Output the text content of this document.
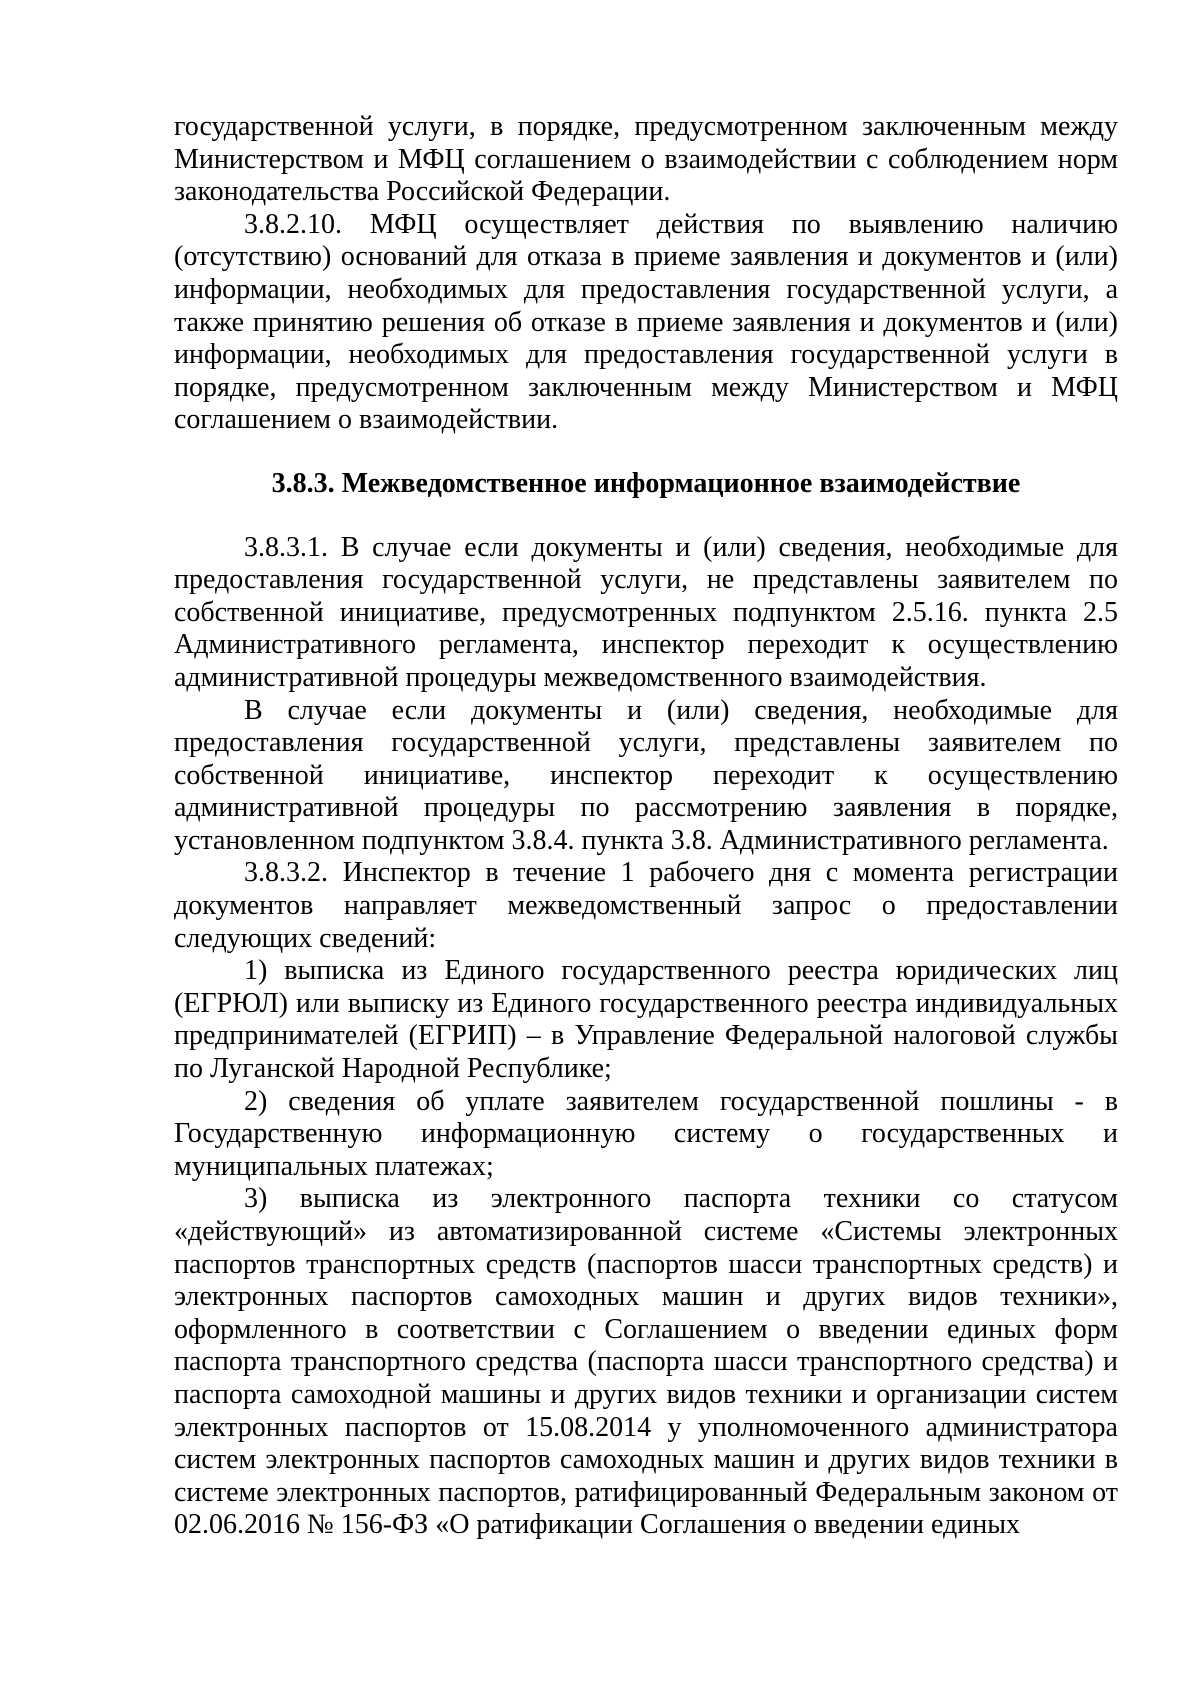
государственной услуги, в порядке, предусмотренном заключенным между Министерством и МФЦ соглашением о взаимодействии с соблюдением норм законодательства Российской Федерации.

3.8.2.10. МФЦ осуществляет действия по выявлению наличию (отсутствию) оснований для отказа в приеме заявления и документов и (или) информации, необходимых для предоставления государственной услуги, а также принятию решения об отказе в приеме заявления и документов и (или) информации, необходимых для предоставления государственной услуги в порядке, предусмотренном заключенным между Министерством и МФЦ соглашением о взаимодействии.

3.8.3. Межведомственное информационное взаимодействие

3.8.3.1. В случае если документы и (или) сведения, необходимые для предоставления государственной услуги, не представлены заявителем по собственной инициативе, предусмотренных подпунктом 2.5.16. пункта 2.5 Административного регламента, инспектор переходит к осуществлению административной процедуры межведомственного взаимодействия.

В случае если документы и (или) сведения, необходимые для предоставления государственной услуги, представлены заявителем по собственной инициативе, инспектор переходит к осуществлению административной процедуры по рассмотрению заявления в порядке, установленном подпунктом 3.8.4. пункта 3.8. Административного регламента.

3.8.3.2. Инспектор в течение 1 рабочего дня с момента регистрации документов направляет межведомственный запрос о предоставлении следующих сведений:

1) выписка из Единого государственного реестра юридических лиц (ЕГРЮЛ) или выписку из Единого государственного реестра индивидуальных предпринимателей (ЕГРИП) – в Управление Федеральной налоговой службы по Луганской Народной Республике;

2) сведения об уплате заявителем государственной пошлины - в Государственную информационную систему о государственных и муниципальных платежах;

3) выписка из электронного паспорта техники со статусом «действующий» из автоматизированной системе «Системы электронных паспортов транспортных средств (паспортов шасси транспортных средств) и электронных паспортов самоходных машин и других видов техники», оформленного в соответствии с Соглашением о введении единых форм паспорта транспортного средства (паспорта шасси транспортного средства) и паспорта самоходной машины и других видов техники и организации систем электронных паспортов от 15.08.2014 у уполномоченного администратора систем электронных паспортов самоходных машин и других видов техники в системе электронных паспортов, ратифицированный Федеральным законом от 02.06.2016 № 156-ФЗ «О ратификации Соглашения о введении единых
